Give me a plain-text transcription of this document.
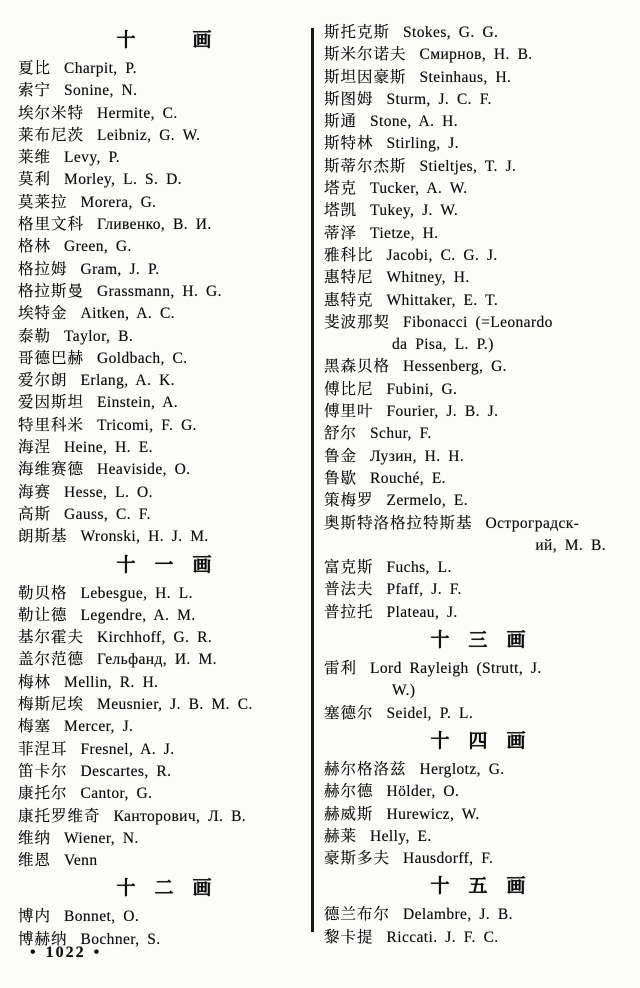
十   画
夏比 Charpit, P.
索宁 Sonine, N.
埃尔米特 Hermite, C.
莱布尼茨 Leibniz, G. W.
莱维 Levy, P.
莫利 Morley, L. S. D.
莫莱拉 Morera, G.
格里文科 Гливенко, В. И.
格林 Green, G.
格拉姆 Gram, J. P.
格拉斯曼 Grassmann, H. G.
埃特金 Aitken, A. C.
泰勒 Taylor, B.
哥德巴赫 Goldbach, C.
爱尔朗 Erlang, A. K.
爱因斯坦 Einstein, A.
特里科米 Tricomi, F. G.
海涅 Heine, H. E.
海维赛德 Heaviside, O.
海赛 Hesse, L. O.
高斯 Gauss, C. F.
朗斯基 Wronski, H. J. M.
十 一 画
勒贝格 Lebesgue, H. L.
勒让德 Legendre, A. M.
基尔霍夫 Kirchhoff, G. R.
盖尔范德 Гельфанд, И. М.
梅林 Mellin, R. H.
梅斯尼埃 Meusnier, J. B. M. C.
梅塞 Mercer, J.
菲涅耳 Fresnel, A. J.
笛卡尔 Descartes, R.
康托尔 Cantor, G.
康托罗维奇 Канторович, Л. В.
维纳 Wiener, N.
维恩 Venn
十 二 画
博内 Bonnet, O.
博赫纳 Bochner, S.
斯托克斯 Stokes, G. G.
斯米尔诺夫 Смирнов, Н. В.
斯坦因豪斯 Steinhaus, H.
斯图姆 Sturm, J. C. F.
斯通 Stone, A. H.
斯特林 Stirling, J.
斯蒂尔杰斯 Stieltjes, T. J.
塔克 Tucker, A. W.
塔凯 Tukey, J. W.
蒂泽 Tietze, H.
雅科比 Jacobi, C. G. J.
惠特尼 Whitney, H.
惠特克 Whittaker, E. T.
斐波那契 Fibonacci (=Leonardo
da Pisa, L. P.)
黑森贝格 Hessenberg, G.
傅比尼 Fubini, G.
傅里叶 Fourier, J. B. J.
舒尔 Schur, F.
鲁金 Лузин, Н. Н.
鲁歇 Rouché, E.
策梅罗 Zermelo, E.
奥斯特洛格拉特斯基 Остроградск-
ий, М. В.
富克斯 Fuchs, L.
普法夫 Pfaff, J. F.
普拉托 Plateau, J.
十 三 画
雷利 Lord Rayleigh (Strutt, J.
W.)
塞德尔 Seidel, P. L.
十 四 画
赫尔格洛兹 Herglotz, G.
赫尔德 Hölder, O.
赫威斯 Hurewicz, W.
赫莱 Helly, E.
豪斯多夫 Hausdorff, F.
十 五 画
德兰布尔 Delambre, J. B.
黎卡提 Riccati. J. F. C.
• 1022 •
